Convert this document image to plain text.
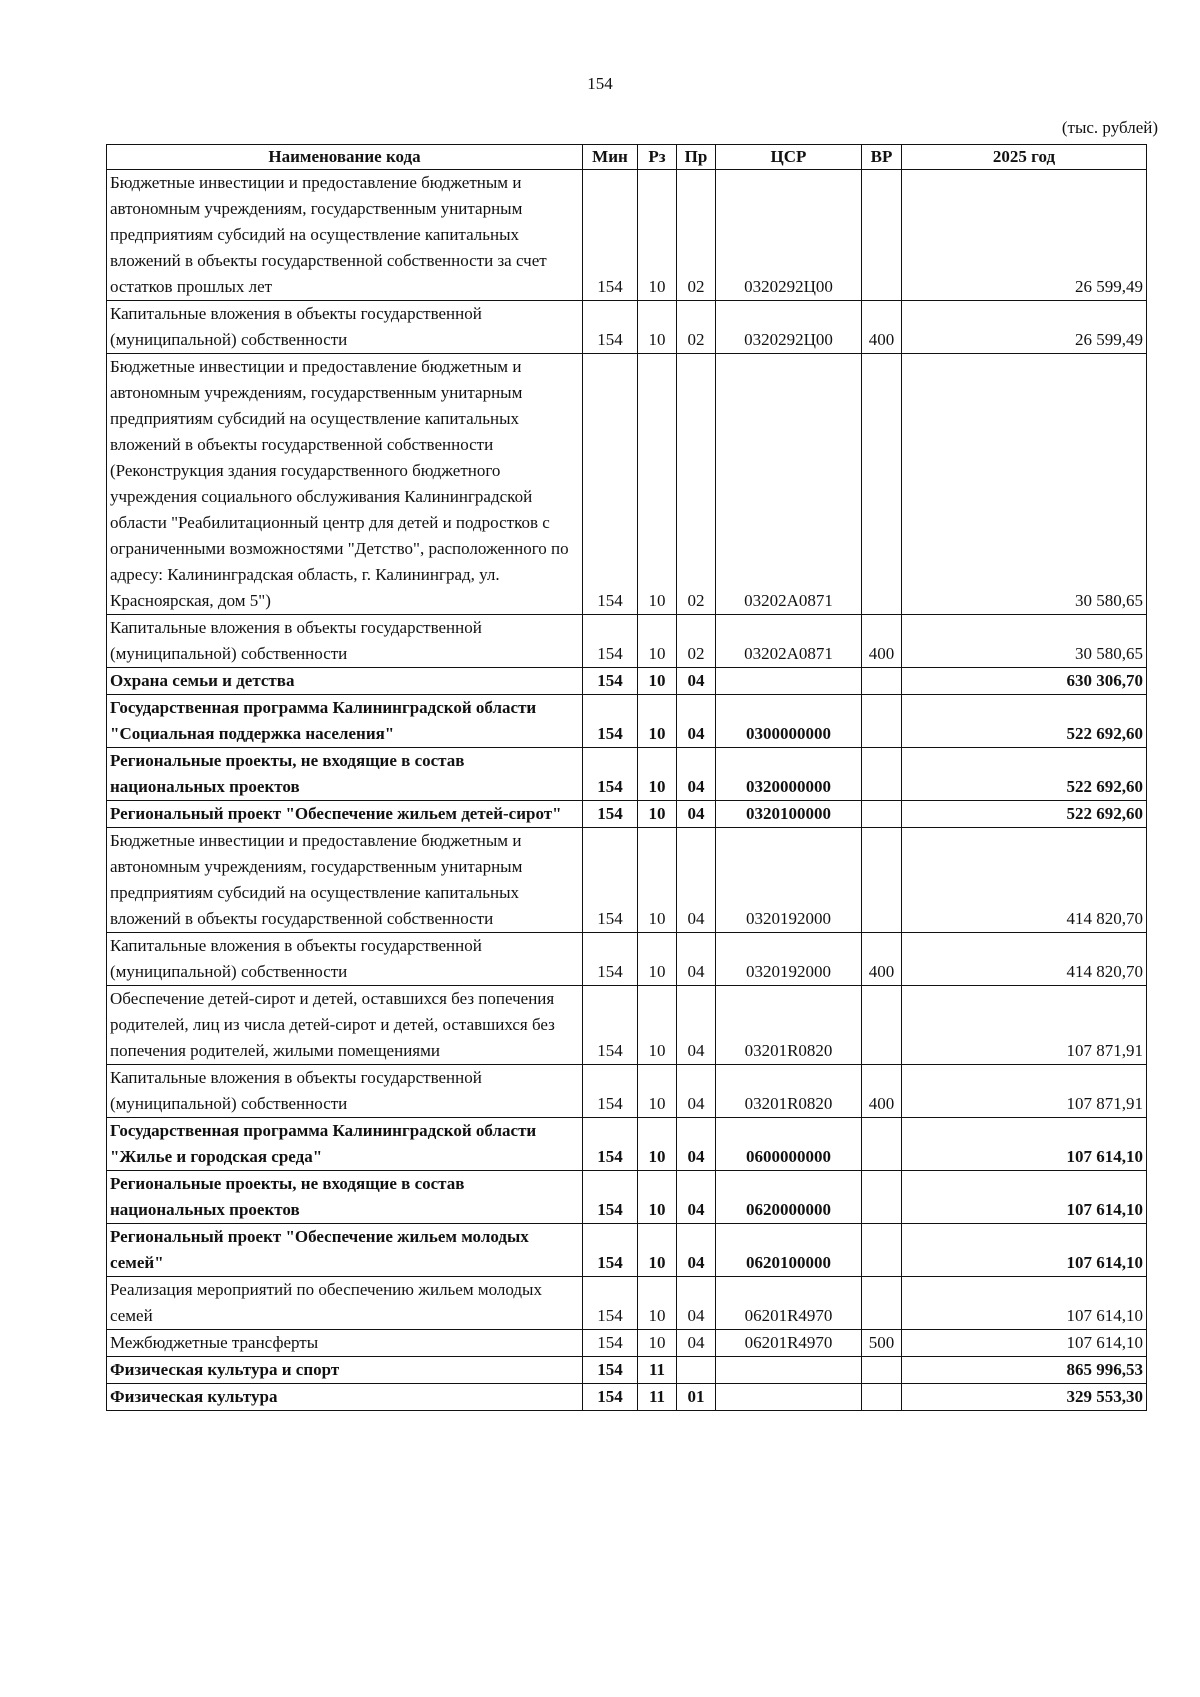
154
(тыс. рублей)
Наименование кода	Мин	Рз	Пр	ЦСР	ВР	2025 год
Бюджетные инвестиции и предоставление бюджетным и автономным учреждениям, государственным унитарным предприятиям субсидий на осуществление капитальных вложений в объекты государственной собственности за счет остатков прошлых лет	154	10	02	0320292Ц00		26 599,49
Капитальные вложения в объекты государственной (муниципальной) собственности	154	10	02	0320292Ц00	400	26 599,49
Бюджетные инвестиции и предоставление бюджетным и автономным учреждениям, государственным унитарным предприятиям субсидий на осуществление капитальных вложений в объекты государственной собственности (Реконструкция здания государственного бюджетного учреждения социального обслуживания Калининградской области "Реабилитационный центр для детей и подростков с ограниченными возможностями "Детство", расположенного по адресу: Калининградская область, г. Калининград, ул. Красноярская, дом 5")	154	10	02	03202А0871		30 580,65
Капитальные вложения в объекты государственной (муниципальной) собственности	154	10	02	03202А0871	400	30 580,65
Охрана семьи и детства	154	10	04			630 306,70
Государственная программа Калининградской области "Социальная поддержка населения"	154	10	04	0300000000		522 692,60
Региональные проекты, не входящие в состав национальных проектов	154	10	04	0320000000		522 692,60
Региональный проект "Обеспечение жильем детей-сирот"	154	10	04	0320100000		522 692,60
Бюджетные инвестиции и предоставление бюджетным и автономным учреждениям, государственным унитарным предприятиям субсидий на осуществление капитальных вложений в объекты государственной собственности	154	10	04	0320192000		414 820,70
Капитальные вложения в объекты государственной (муниципальной) собственности	154	10	04	0320192000	400	414 820,70
Обеспечение детей-сирот и детей, оставшихся без попечения родителей, лиц из числа детей-сирот и детей, оставшихся без попечения родителей, жилыми помещениями	154	10	04	03201R0820		107 871,91
Капитальные вложения в объекты государственной (муниципальной) собственности	154	10	04	03201R0820	400	107 871,91
Государственная программа Калининградской области "Жилье и городская среда"	154	10	04	0600000000		107 614,10
Региональные проекты, не входящие в состав национальных проектов	154	10	04	0620000000		107 614,10
Региональный проект "Обеспечение жильем молодых семей"	154	10	04	0620100000		107 614,10
Реализация мероприятий по обеспечению жильем молодых семей	154	10	04	06201R4970		107 614,10
Межбюджетные трансферты	154	10	04	06201R4970	500	107 614,10
Физическая культура и спорт	154	11				865 996,53
Физическая культура	154	11	01			329 553,30
